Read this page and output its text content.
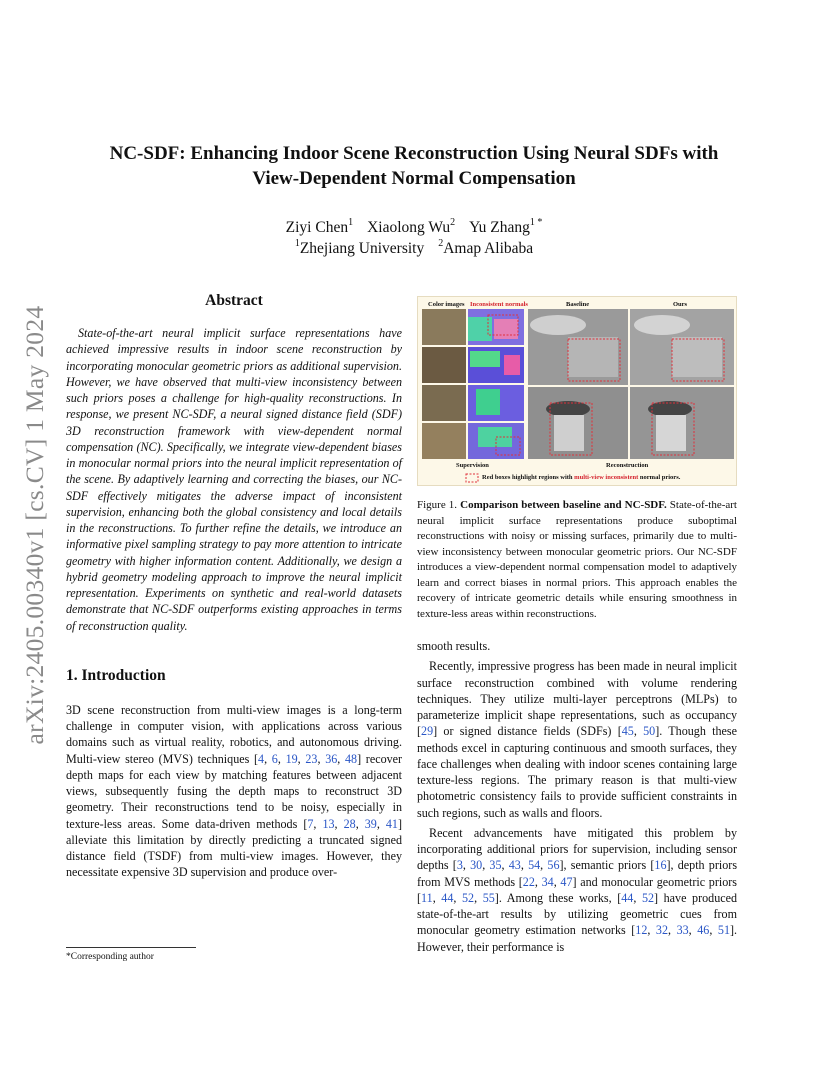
arXiv:2405.00340v1 [cs.CV] 1 May 2024
NC-SDF: Enhancing Indoor Scene Reconstruction Using Neural SDFs with
View-Dependent Normal Compensation
Ziyi Chen$^1$ Xiaolong Wu$^2$ Yu Zhang$^{1 *}$
$^1$Zhejiang University $^2$Amap Alibaba
Abstract

State-of-the-art neural implicit surface representations have achieved impressive results in indoor scene reconstruction by incorporating monocular geometric priors as additional supervision. However, we have observed that multi-view inconsistency between such priors poses a challenge for high-quality reconstructions. In response, we present NC-SDF, a neural signed distance field (SDF) 3D reconstruction framework with view-dependent normal compensation (NC). Specifically, we integrate view-dependent biases in monocular normal priors into the neural implicit representation of the scene. By adaptively learning and correcting the biases, our NC-SDF effectively mitigates the adverse impact of inconsistent supervision, enhancing both the global consistency and local details in the reconstructions. To further refine the details, we introduce an informative pixel sampling strategy to pay more attention to intricate geometry with higher information content. Additionally, we design a hybrid geometry modeling approach to improve the neural implicit representation. Experiments on synthetic and real-world datasets demonstrate that NC-SDF outperforms existing approaches in terms of reconstruction quality.

1. Introduction

3D scene reconstruction from multi-view images is a long-term challenge in computer vision, with applications across various domains such as virtual reality, robotics, and autonomous driving. Multi-view stereo (MVS) techniques [4, 6, 19, 23, 36, 48] recover depth maps for each view by matching features between adjacent views, subsequently fusing the depth maps to reconstruct 3D geometry. Their reconstructions tend to be noisy, especially in texture-less areas. Some data-driven methods [7, 13, 28, 39, 41] alleviate this limitation by directly predicting a truncated signed distance field (TSDF) from multi-view images. However, they necessitate expensive 3D supervision and produce over-

*Corresponding author
Color images Inconsistent normals	Baseline	Ours
Supervision	Reconstruction
Red boxes highlight regions with multi-view inconsistent normal priors.
Figure 1. Comparison between baseline and NC-SDF. State-of-the-art neural implicit surface representations produce suboptimal reconstructions with noisy or missing surfaces, primarily due to multi-view inconsistency between monocular geometric priors. Our NC-SDF introduces a view-dependent normal compensation model to adaptively learn and correct biases in normal priors. This approach enables the recovery of intricate geometric details while ensuring smoothness in texture-less areas within reconstructions.

smooth results.

Recently, impressive progress has been made in neural implicit surface reconstruction combined with volume rendering techniques. They utilize multi-layer perceptrons (MLPs) to parameterize implicit shape representations, such as occupancy [29] or signed distance fields (SDFs) [45, 50]. Though these methods excel in capturing continuous and smooth surfaces, they face challenges when dealing with indoor scenes containing large texture-less regions. The primary reason is that multi-view photometric consistency fails to provide sufficient constraints in such regions, such as walls and floors.

Recent advancements have mitigated this problem by incorporating additional priors for supervision, including sensor depths [3, 30, 35, 43, 54, 56], semantic priors [16], depth priors from MVS methods [22, 34, 47] and monocular geometric priors [11, 44, 52, 55]. Among these works, [44, 52] have produced state-of-the-art results by utilizing geometric cues from monocular geometry estimation networks [12, 32, 33, 46, 51]. However, their performance is
